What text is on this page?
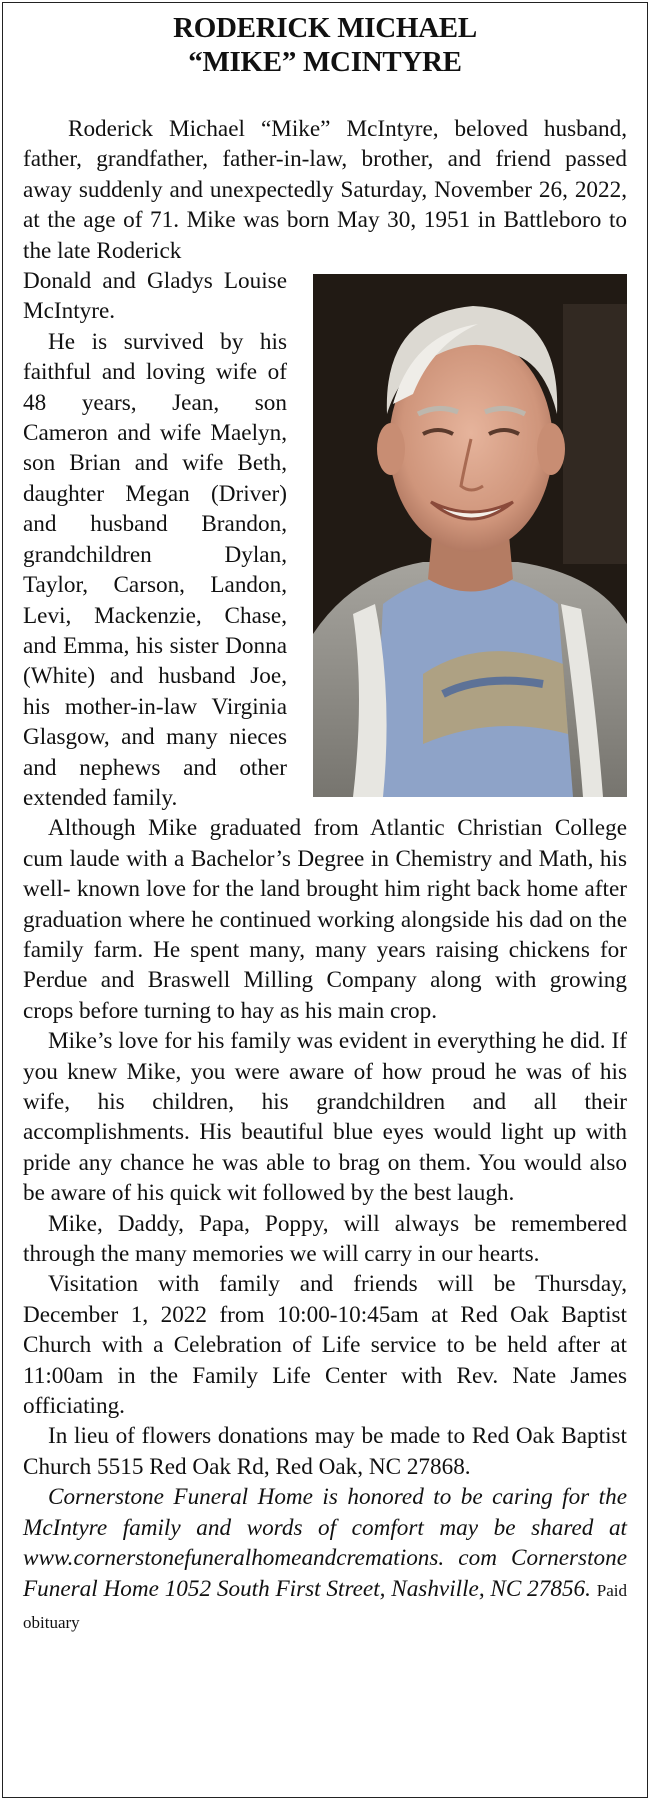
RODERICK MICHAEL
“MIKE” MCINTYRE

Roderick Michael “Mike” McIntyre, beloved husband, father, grandfather, father-in-law, brother, and friend passed away suddenly and unexpectedly Saturday, November 26, 2022, at the age of 71. Mike was born May 30, 1951 in Battleboro to the late Roderick

Donald and Gladys Louise McIntyre.

He is survived by his faithful and loving wife of 48 years, Jean, son Cameron and wife Maelyn, son Brian and wife Beth, daughter Megan (Driver) and husband Brandon, grandchildren Dylan, Taylor, Carson, Landon, Levi, Mackenzie, Chase, and Emma, his sister Donna (White) and husband Joe, his mother-in-law Virginia Glasgow, and many nieces and nephews and other extended family.

Although Mike graduated from Atlantic Christian College cum laude with a Bachelor’s Degree in Chemistry and Math, his well- known love for the land brought him right back home after graduation where he continued working alongside his dad on the family farm. He spent many, many years raising chickens for Perdue and Braswell Milling Company along with growing crops before turning to hay as his main crop.

Mike’s love for his family was evident in everything he did. If you knew Mike, you were aware of how proud he was of his wife, his children, his grandchildren and all their accomplishments. His beautiful blue eyes would light up with pride any chance he was able to brag on them. You would also be aware of his quick wit followed by the best laugh.

Mike, Daddy, Papa, Poppy, will always be remembered through the many memories we will carry in our hearts.

Visitation with family and friends will be Thursday, December 1, 2022 from 10:00-10:45am at Red Oak Baptist Church with a Celebration of Life service to be held after at 11:00am in the Family Life Center with Rev. Nate James officiating.

In lieu of flowers donations may be made to Red Oak Baptist Church 5515 Red Oak Rd, Red Oak, NC 27868.

Cornerstone Funeral Home is honored to be caring for the McIntyre family and words of comfort may be shared at www.cornerstonefuneralhomeandcremations. com Cornerstone Funeral Home 1052 South First Street, Nashville, NC 27856. Paid obituary
